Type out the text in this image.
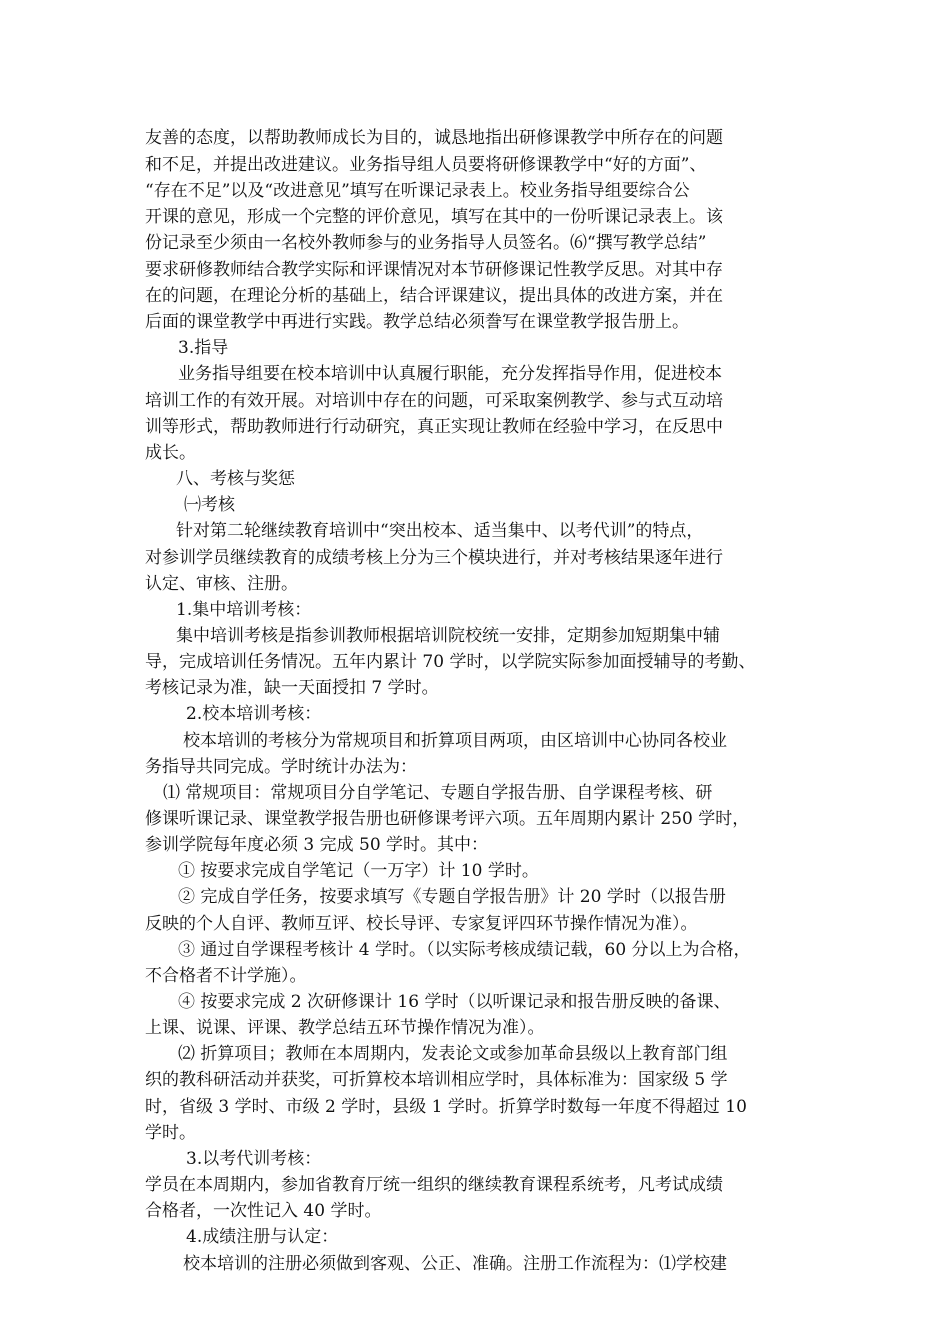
友善的态度，以帮助教师成长为目的，诚恳地指出研修课教学中所存在的问题
和不足，并提出改进建议。业务指导组人员要将研修课教学中“好的方面”、
“存在不足”以及“改进意见”填写在听课记录表上。校业务指导组要综合公
开课的意见，形成一个完整的评价意见，填写在其中的一份听课记录表上。该
份记录至少须由一名校外教师参与的业务指导人员签名。⑹“撰写教学总结”
要求研修教师结合教学实际和评课情况对本节研修课记性教学反思。对其中存
在的问题，在理论分析的基础上，结合评课建议，提出具体的改进方案，并在
后面的课堂教学中再进行实践。教学总结必须誊写在课堂教学报告册上。
3.指导
业务指导组要在校本培训中认真履行职能，充分发挥指导作用，促进校本
培训工作的有效开展。对培训中存在的问题，可采取案例教学、参与式互动培
训等形式，帮助教师进行行动研究，真正实现让教师在经验中学习，在反思中
成长。
八、考核与奖惩
㈠考核
针对第二轮继续教育培训中“突出校本、适当集中、以考代训”的特点，
对参训学员继续教育的成绩考核上分为三个模块进行，并对考核结果逐年进行
认定、审核、注册。
1.集中培训考核：
集中培训考核是指参训教师根据培训院校统一安排，定期参加短期集中辅
导，完成培训任务情况。五年内累计 70 学时，以学院实际参加面授辅导的考勤、
考核记录为准，缺一天面授扣 7 学时。
2.校本培训考核：
校本培训的考核分为常规项目和折算项目两项，由区培训中心协同各校业
务指导共同完成。学时统计办法为：
⑴ 常规项目：常规项目分自学笔记、专题自学报告册、自学课程考核、研
修课听课记录、课堂教学报告册也研修课考评六项。五年周期内累计 250 学时，
参训学院每年度必须 3 完成 50 学时。其中：
① 按要求完成自学笔记（一万字）计 10 学时。
② 完成自学任务，按要求填写《专题自学报告册》计 20 学时（以报告册
反映的个人自评、教师互评、校长导评、专家复评四环节操作情况为准）。
③ 通过自学课程考核计 4 学时。（以实际考核成绩记载，60 分以上为合格，
不合格者不计学施）。
④ 按要求完成 2 次研修课计 16 学时（以听课记录和报告册反映的备课、
上课、说课、评课、教学总结五环节操作情况为准）。
⑵ 折算项目；教师在本周期内，发表论文或参加革命县级以上教育部门组
织的教科研活动并获奖，可折算校本培训相应学时，具体标准为：国家级 5 学
时，省级 3 学时、市级 2 学时，县级 1 学时。折算学时数每一年度不得超过 10
学时。
3.以考代训考核：
学员在本周期内，参加省教育厅统一组织的继续教育课程系统考，凡考试成绩
合格者，一次性记入 40 学时。
4.成绩注册与认定：
校本培训的注册必须做到客观、公正、准确。注册工作流程为：⑴学校建
